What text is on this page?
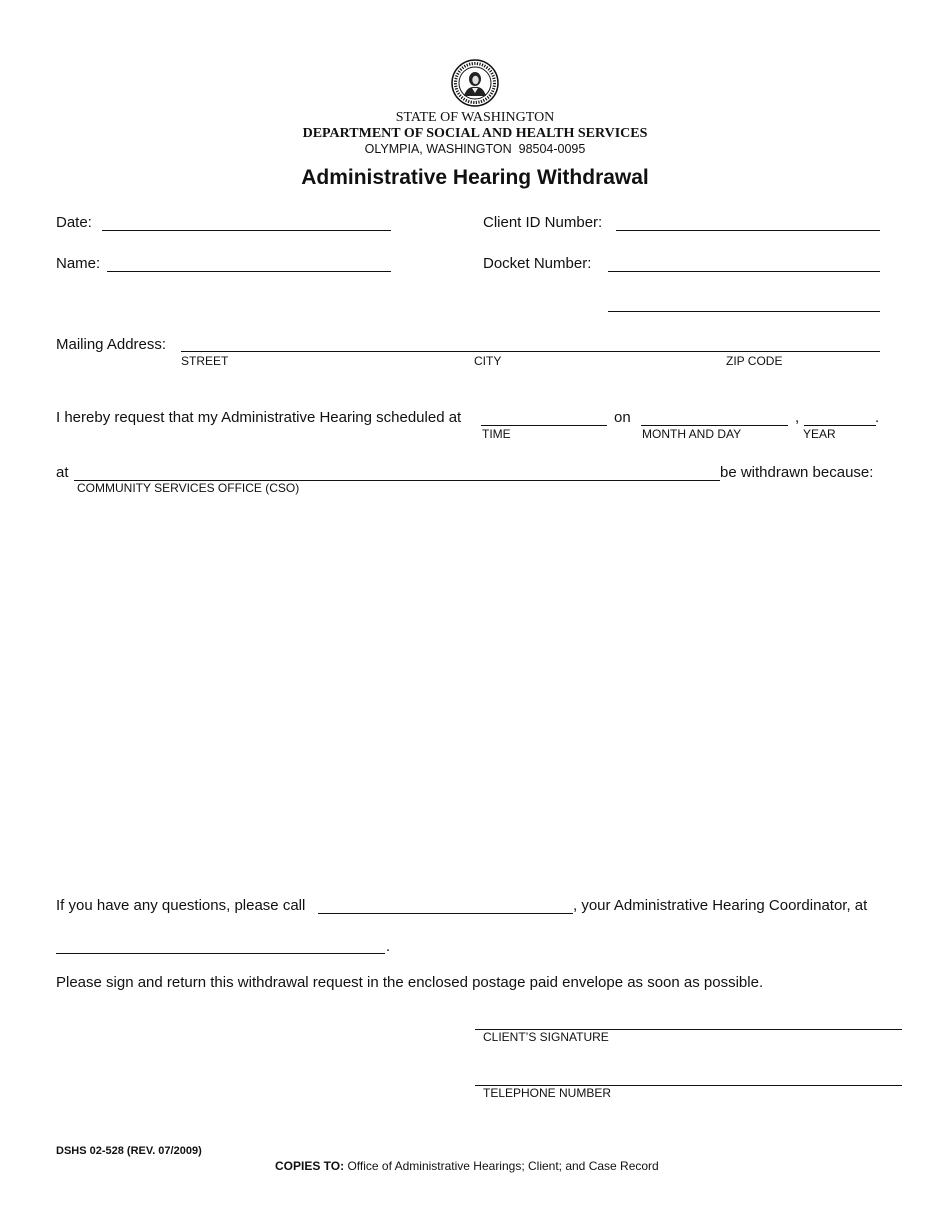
STATE OF WASHINGTON
DEPARTMENT OF SOCIAL AND HEALTH SERVICES
OLYMPIA, WASHINGTON  98504-0095
Administrative Hearing Withdrawal
Date:	Client ID Number:
Name:	Docket Number:
Mailing Address:
STREET	CITY	ZIP CODE
I hereby request that my Administrative Hearing scheduled at	on	,	.
TIME	MONTH AND DAY	YEAR
at	be withdrawn because:
COMMUNITY SERVICES OFFICE (CSO)
If you have any questions, please call	, your Administrative Hearing Coordinator, at
.
Please sign and return this withdrawal request in the enclosed postage paid envelope as soon as possible.
CLIENT’S SIGNATURE
TELEPHONE NUMBER
DSHS 02-528 (REV. 07/2009)
COPIES TO: Office of Administrative Hearings; Client; and Case Record
